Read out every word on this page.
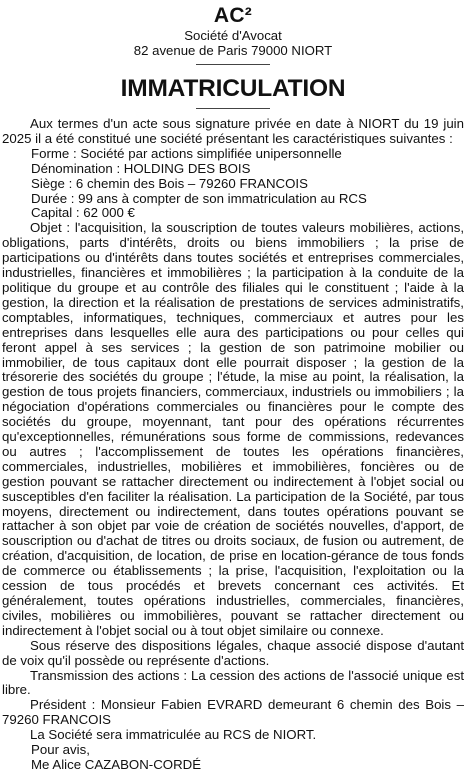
AC²
Société d'Avocat
82 avenue de Paris 79000 NIORT
IMMATRICULATION

Aux termes d'un acte sous signature privée en date à NIORT du 19 juin 2025 il a été constitué une société présentant les caractéristiques suivantes :

Forme : Société par actions simplifiée unipersonnelle

Dénomination : HOLDING DES BOIS

Siège : 6 chemin des Bois – 79260 FRANCOIS

Durée : 99 ans à compter de son immatriculation au RCS

Capital : 62 000 €

Objet : l'acquisition, la souscription de toutes valeurs mobilières, actions, obligations, parts d'intérêts, droits ou biens immobiliers ; la prise de participations ou d'intérêts dans toutes sociétés et entreprises commerciales, industrielles, financières et immobilières ; la participation à la conduite de la politique du groupe et au contrôle des filiales qui le constituent ; l'aide à la gestion, la direction et la réalisation de prestations de services administratifs, comptables, informatiques, techniques, commerciaux et autres pour les entreprises dans lesquelles elle aura des participations ou pour celles qui feront appel à ses services ; la gestion de son patrimoine mobilier ou immobilier, de tous capitaux dont elle pourrait disposer ; la gestion de la trésorerie des sociétés du groupe ; l'étude, la mise au point, la réalisation, la gestion de tous projets financiers, commerciaux, industriels ou immobiliers ; la négociation d'opérations commerciales ou financières pour le compte des sociétés du groupe, moyennant, tant pour des opérations récurrentes qu'exceptionnelles, rémunérations sous forme de commissions, redevances ou autres ; l'accomplissement de toutes les opérations financières, commerciales, industrielles, mobilières et immobilières, foncières ou de gestion pouvant se rattacher directement ou indirectement à l'objet social ou susceptibles d'en faciliter la réalisation. La participation de la Société, par tous moyens, directement ou indirectement, dans toutes opérations pouvant se rattacher à son objet par voie de création de sociétés nouvelles, d'apport, de souscription ou d'achat de titres ou droits sociaux, de fusion ou autrement, de création, d'acquisition, de location, de prise en location-gérance de tous fonds de commerce ou établissements ; la prise, l'acquisition, l'exploitation ou la cession de tous procédés et brevets concernant ces activités. Et généralement, toutes opérations industrielles, commerciales, financières, civiles, mobilières ou immobilières, pouvant se rattacher directement ou indirectement à l'objet social ou à tout objet similaire ou connexe.

Sous réserve des dispositions légales, chaque associé dispose d'autant de voix qu'il possède ou représente d'actions.

Transmission des actions : La cession des actions de l'associé unique est libre.

Président : Monsieur Fabien EVRARD demeurant 6 chemin des Bois – 79260 FRANCOIS

La Société sera immatriculée au RCS de NIORT.

Pour avis,

Me Alice CAZABON-CORDÉ
